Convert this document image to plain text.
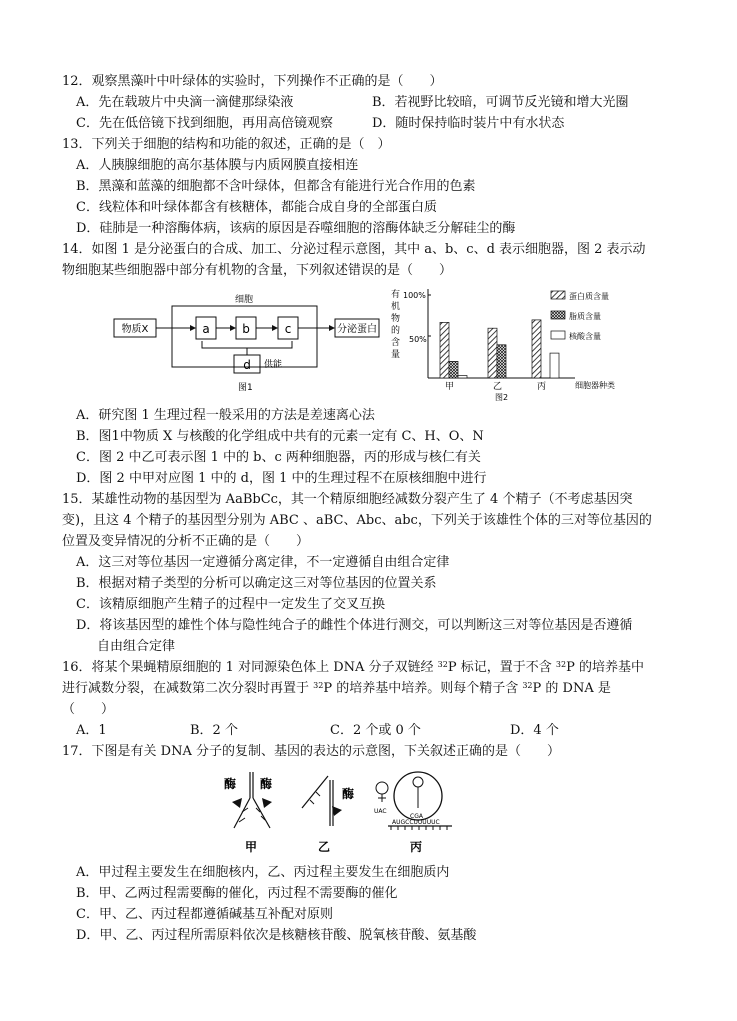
12．观察黑藻叶中叶绿体的实验时，下列操作不正确的是（　　）
A．先在载玻片中央滴一滴健那绿染液	B．若视野比较暗，可调节反光镜和增大光圈
C．先在低倍镜下找到细胞，再用高倍镜观察	D．随时保持临时装片中有水状态
13．下列关于细胞的结构和功能的叙述，正确的是（　）
A．人胰腺细胞的高尔基体膜与内质网膜直接相连
B．黑藻和蓝藻的细胞都不含叶绿体，但都含有能进行光合作用的色素
C．线粒体和叶绿体都含有核糖体，都能合成自身的全部蛋白质
D．硅肺是一种溶酶体病，该病的原因是吞噬细胞的溶酶体缺乏分解硅尘的酶
14．如图 1 是分泌蛋白的合成、加工、分泌过程示意图，其中 a、b、c、d 表示细胞器，图 2 表示动
物细胞某些细胞器中部分有机物的含量，下列叙述错误的是（　　）
细胞
物质X	a	b	c	分泌蛋白
d 供能
图1
有
机
物
的
含
量
100%
50%
甲	乙	丙	细胞器种类
图2
蛋白质含量
脂质含量
核酸含量
A．研究图 1 生理过程一般采用的方法是差速离心法
B．图1中物质 X 与核酸的化学组成中共有的元素一定有 C、H、O、N
C．图 2 中乙可表示图 1 中的 b、c 两种细胞器，丙的形成与核仁有关
D．图 2 中甲对应图 1 中的 d，图 1 中的生理过程不在原核细胞中进行
15．某雄性动物的基因型为 AaBbCc，其一个精原细胞经减数分裂产生了 4 个精子（不考虑基因突
变)，且这 4 个精子的基因型分别为 ABC 、aBC、Abc、abc，下列关于该雄性个体的三对等位基因的
位置及变异情况的分析不正确的是（　　）
A．这三对等位基因一定遵循分离定律，不一定遵循自由组合定律
B．根据对精子类型的分析可以确定这三对等位基因的位置关系
C．该精原细胞产生精子的过程中一定发生了交叉互换
D．将该基因型的雄性个体与隐性纯合子的雌性个体进行测交，可以判断这三对等位基因是否遵循
自由组合定律
16．将某个果蝇精原细胞的 1 对同源染色体上 DNA 分子双链经 $^{32}$P 标记，置于不含 $^{32}$P 的培养基中
进行减数分裂，在减数第二次分裂时再置于 $^{32}$P 的培养基中培养。则每个精子含 $^{32}$P 的 DNA 是
（　　）
A．1	B．2 个	C．2 个或 0 个	D．4 个
17．下图是有关 DNA 分子的复制、基因的表达的示意图，下关叙述正确的是（　　）
酶 酶
酶
UAC
CGA
AUGCCUUUUUC
甲	乙	丙
A．甲过程主要发生在细胞核内，乙、丙过程主要发生在细胞质内
B．甲、乙两过程需要酶的催化，丙过程不需要酶的催化
C．甲、乙、丙过程都遵循碱基互补配对原则
D．甲、乙、丙过程所需原料依次是核糖核苷酸、脱氧核苷酸、氨基酸
